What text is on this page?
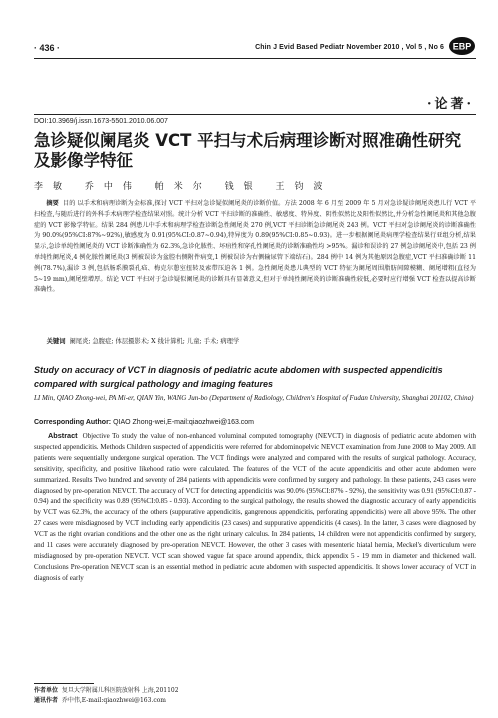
· 436 ·	Chin J Evid Based Pediatr November 2010 , Vol 5 , No 6 EBP
·论著·
DOI:10.3969/j.issn.1673-5501.2010.06.007
急诊疑似阑尾炎 VCT 平扫与术后病理诊断对照准确性研究及影像学特征
李敏 乔中伟 帕米尔 钱银 王钧波
摘要 目的 以手术和病理诊断为金标准,探讨 VCT 平扫对急诊疑似阑尾炎的诊断价值。方法 2008 年 6 月至 2009 年 5 月对急诊疑诊阑尾炎患儿行 VCT 平扫检查,与随后进行的外科手术病理学检查结果对照。统计分析 VCT 平扫诊断的准确性、敏感度、特异度、阴性似然比及阳性似然比,并分析急性阑尾炎和其他急腹症的 VCT 影像学特征。结果 284 例患儿中手术和病理学检查诊断急性阑尾炎 270 例,VCT 平扫诊断急诊阑尾炎 243 例。VCT 平扫对急诊阑尾炎的诊断准确性为 90.0%(95%CI:87%~92%),敏感度为 0.91(95%CI:0.87~0.94),特异度为 0.89(95%CI:0.85~0.93)。进一步根据阑尾炎病理学检查结果行亚组分析,结果显示,急诊单纯性阑尾炎的 VCT 诊断准确性为 62.3%,急诊化脓性、坏疽性和穿孔性阑尾炎的诊断准确性均 >95%。漏诊和误诊的 27 例急诊阑尾炎中,包括 23 例单纯性阑尾炎,4 例化脓性阑尾炎(3 例被误诊为盆腔右侧附件病变,1 例被误诊为右侧输尿管下端结石)。284 例中 14 例为其他原因急腹症,VCT 平扫准确诊断 11 例(78.7%),漏诊 3 例,包括肠系膜裂孔疝、梅克尔憩室扭转及索带压迫各 1 例。急性阑尾炎患儿典型的 VCT 特征为阑尾周围脂肪间隙模糊、阑尾增粗(直径为 5~19 mm),阑尾壁增厚。结论 VCT 平扫对于急诊疑似阑尾炎的诊断具有显著意义,但对于单纯性阑尾炎的诊断准确性较低,必要时应行增强 VCT 检查以提高诊断准确性。
关键词 阑尾炎; 急腹症; 体层摄影术; X 线计算机; 儿童; 手术; 病理学
Study on accuracy of VCT in diagnosis of pediatric acute abdomen with suspected appendicitis compared with surgical pathology and imaging features
LI Min, QIAO Zhong-wei, PA Mi-er, QIAN Yin, WANG Jun-bo (Department of Radiology, Children's Hospital of Fudan University, Shanghai 201102, China)
Corresponding Author: QIAO Zhong-wei,E-mail:qiaozhwei@163.com
Abstract Objective To study the value of non-enhanced voluminal computed tomography (NEVCT) in diagnosis of pediatric acute abdomen with suspected appendicitis. Methods Children suspected of appendicitis were referred for abdominopelvic NEVCT examination from June 2008 to May 2009. All patients were sequentially undergone surgical operation. The VCT findings were analyzed and compared with the results of surgical pathology. Accuracy, sensitivity, specificity, and positive likehood ratio were calculated. The features of the VCT of the acute appendicitis and other acute abdomen were summarized. Results Two hundred and seventy of 284 patients with appendicitis were confirmed by surgery and pathology. In these patients, 243 cases were diagnosed by pre-operation NEVCT. The accuracy of VCT for detecting appendicitis was 90.0% (95%CI:87% - 92%), the sensitivity was 0.91 (95%CI:0.87 - 0.94) and the specificity was 0.89 (95%CI:0.85 - 0.93). According to the surgical pathology, the results showed the diagnostic accuracy of early appendicitis by VCT was 62.3%, the accuracy of the others (suppurative appendicitis, gangrenous appendicitis, perforating appendicitis) were all above 95%. The other 27 cases were misdiagnosed by VCT including early appendicitis (23 cases) and suppurative appendicitis (4 cases). In the latter, 3 cases were diagnosed by VCT as the right ovarian conditions and the other one as the right urinary calculus. In 284 patients, 14 children were not appendicitis confirmed by surgery, and 11 cases were accurately diagnosed by pre-operation NEVCT. However, the other 3 cases with mesenteric hiatal hernia, Meckel's diverticulum were misdiagnosed by pre-operation NEVCT. VCT scan showed vague fat space around appendix, thick appendix 5 - 19 mm in diameter and thickened wall. Conclusions Pre-operation NEVCT scan is an essential method in pediatric acute abdomen with suspected appendicitis. It shows lower accuracy of VCT in diagnosis of early
作者单位 复旦大学附属儿科医院放射科 上海,201102
通讯作者 乔中伟,E-mail:qiaozhwei@163.com
